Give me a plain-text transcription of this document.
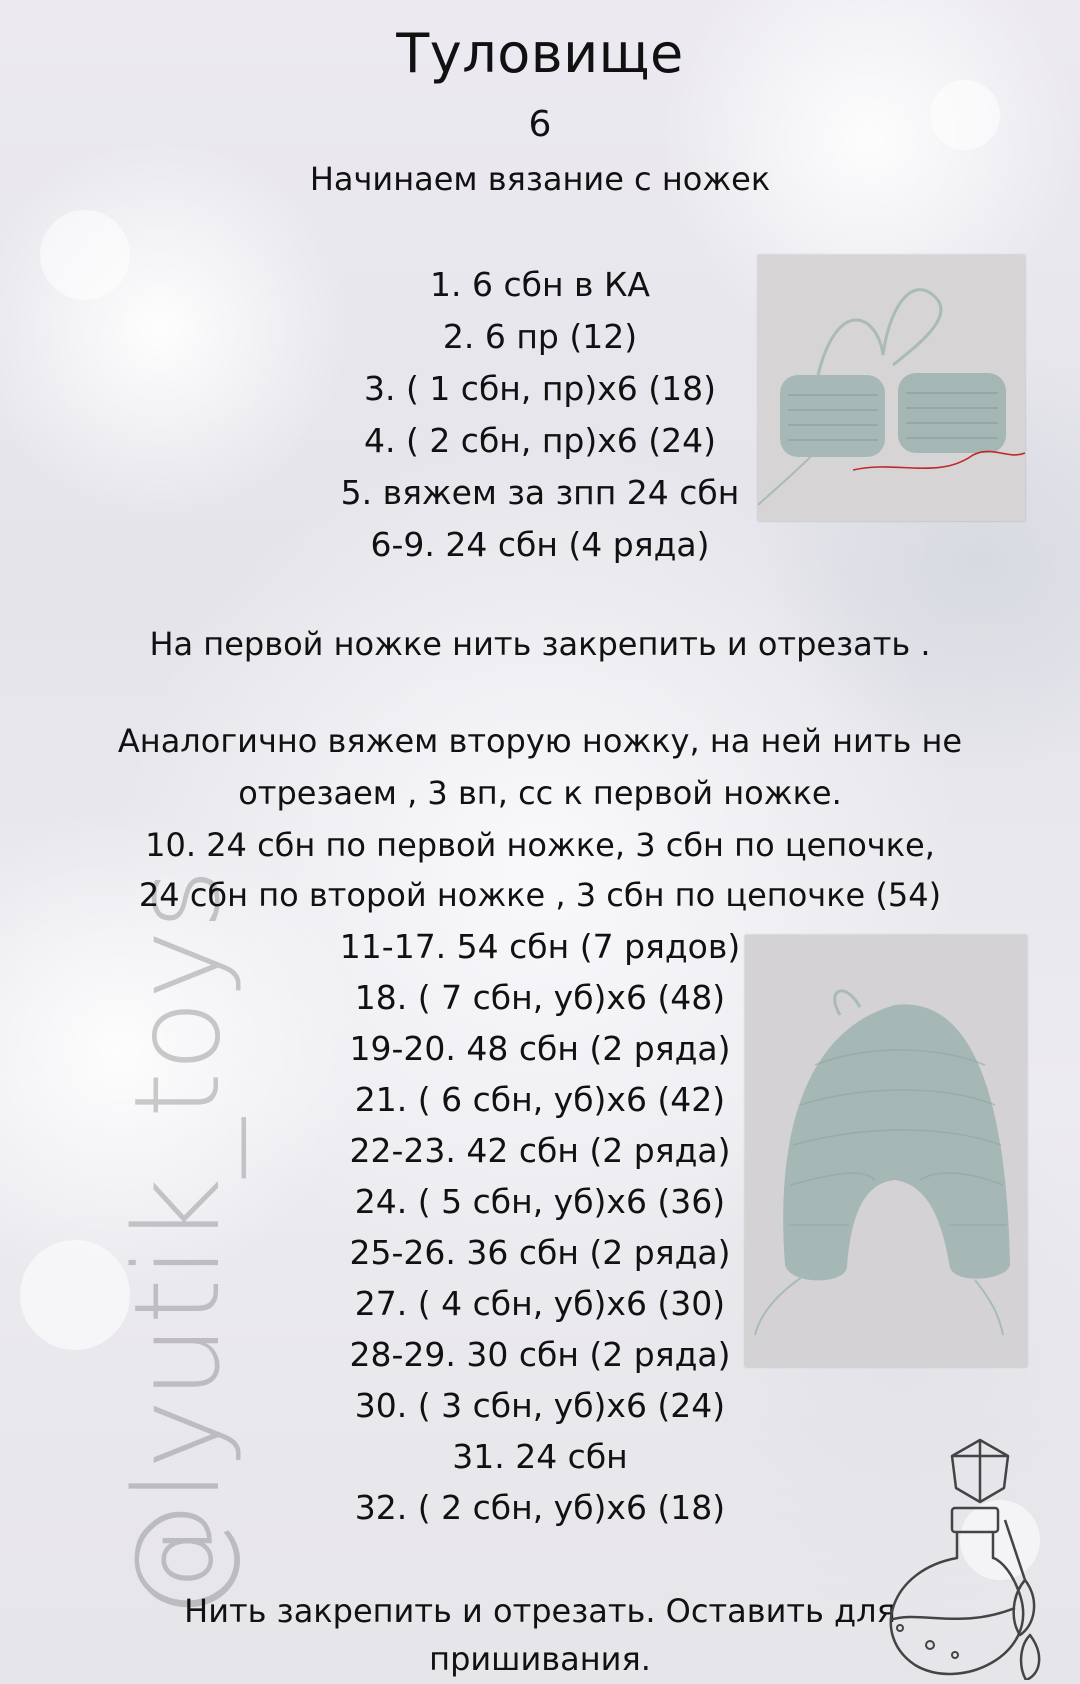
@lyutik_toys
Туловище
6
Начинаем вязание с ножек
1. 6 сбн в КА
2. 6 пр (12)
3. ( 1 сбн, пр)х6 (18)
4. ( 2 сбн, пр)х6 (24)
5. вяжем за зпп 24 сбн
6-9. 24 сбн (4 ряда)
На первой ножке нить закрепить и отрезать .
Аналогично вяжем вторую ножку, на ней нить не
отрезаем , 3 вп, сс к первой ножке.
10. 24 сбн по первой ножке, 3 сбн по цепочке,
24 сбн по второй ножке , 3 сбн по цепочке (54)
11-17. 54 сбн (7 рядов)
18. ( 7 сбн, уб)х6 (48)
19-20. 48 сбн (2 ряда)
21. ( 6 сбн, уб)х6 (42)
22-23. 42 сбн (2 ряда)
24. ( 5 сбн, уб)х6 (36)
25-26. 36 сбн (2 ряда)
27. ( 4 сбн, уб)х6 (30)
28-29. 30 сбн (2 ряда)
30. ( 3 сбн, уб)х6 (24)
31. 24 сбн
32. ( 2 сбн, уб)х6 (18)
Нить закрепить и отрезать. Оставить для
пришивания.
